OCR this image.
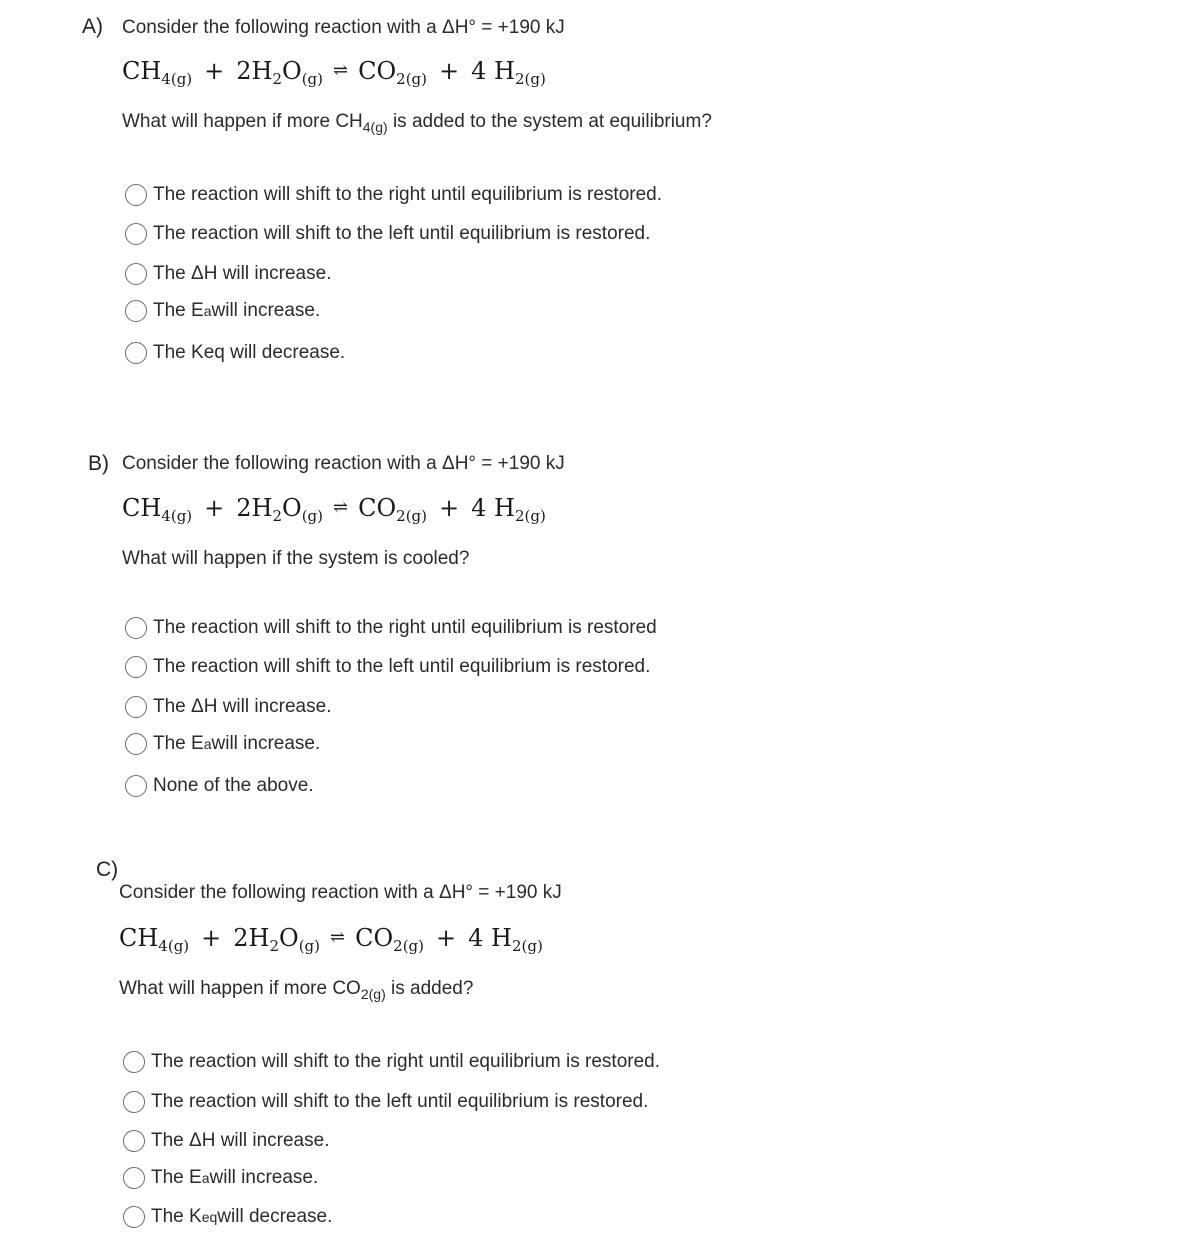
A) Consider the following reaction with a ΔH° = +190 kJ
$CH_{4(g)} + 2H_2O_{(g)}$ ⇌ $CO_{2(g)} + 4$ $H_{2(g)}$
What will happen if more $CH_{4(g)}$ is added to the system at equilibrium?
The reaction will shift to the right until equilibrium is restored.
The reaction will shift to the left until equilibrium is restored.
The ΔH will increase.
The E a will increase.
The Keq will decrease.
B) Consider the following reaction with a ΔH° = +190 kJ
$CH_{4(g)} + 2H_2O_{(g)}$ ⇌ $CO_{2(g)} + 4$ $H_{2(g)}$
What will happen if the system is cooled?
The reaction will shift to the right until equilibrium is restored
The reaction will shift to the left until equilibrium is restored.
The ΔH will increase.
The E a will increase.
None of the above.
C)
Consider the following reaction with a ΔH° = +190 kJ
$CH_{4(g)} + 2H_2O_{(g)}$ ⇌ $CO_{2(g)} + 4$ $H_{2(g)}$
What will happen if more $CO_{2(g)}$ is added?
The reaction will shift to the right until equilibrium is restored.
The reaction will shift to the left until equilibrium is restored.
The ΔH will increase.
The E a will increase.
The K eq will decrease.
